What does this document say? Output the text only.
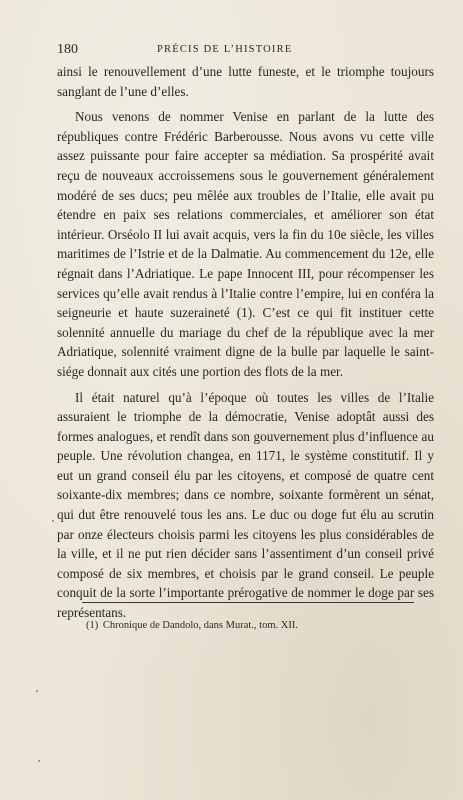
180	PRÉCIS DE L’HISTOIRE

ainsi le renouvellement d’une lutte funeste, et le triomphe toujours sanglant de l’une d’elles.

Nous venons de nommer Venise en parlant de la lutte des républiques contre Frédéric Barberousse. Nous avons vu cette ville assez puissante pour faire accepter sa médiation. Sa prospérité avait reçu de nouveaux accroissemens sous le gouvernement généralement modéré de ses ducs; peu mêlée aux troubles de l’Italie, elle avait pu étendre en paix ses relations commerciales, et améliorer son état intérieur. Orséolo II lui avait acquis, vers la fin du 10e siècle, les villes maritimes de l’Istrie et de la Dalmatie. Au commencement du 12e, elle régnait dans l’Adriatique. Le pape Innocent III, pour récompenser les services qu’elle avait rendus à l’Italie contre l’empire, lui en conféra la seigneurie et haute suzeraineté (1). C’est ce qui fit instituer cette solennité annuelle du mariage du chef de la république avec la mer Adriatique, solennité vraiment digne de la bulle par laquelle le saint-siége donnait aux cités une portion des flots de la mer.

Il était naturel qu’à l’époque où toutes les villes de l’Italie assuraient le triomphe de la démocratie, Venise adoptât aussi des formes analogues, et rendît dans son gouvernement plus d’influence au peuple. Une révolution changea, en 1171, le système constitutif. Il y eut un grand conseil élu par les citoyens, et composé de quatre cent soixante-dix membres; dans ce nombre, soixante formèrent un sénat, qui dut être renouvelé tous les ans. Le duc ou doge fut élu au scrutin par onze électeurs choisis parmi les citoyens les plus considérables de la ville, et il ne put rien décider sans l’assentiment d’un conseil privé composé de six membres, et choisis par le grand conseil. Le peuple conquit de la sorte l’importante prérogative de nommer le doge par ses représentans.

(1) Chronique de Dandolo, dans Murat., tom. XII.
